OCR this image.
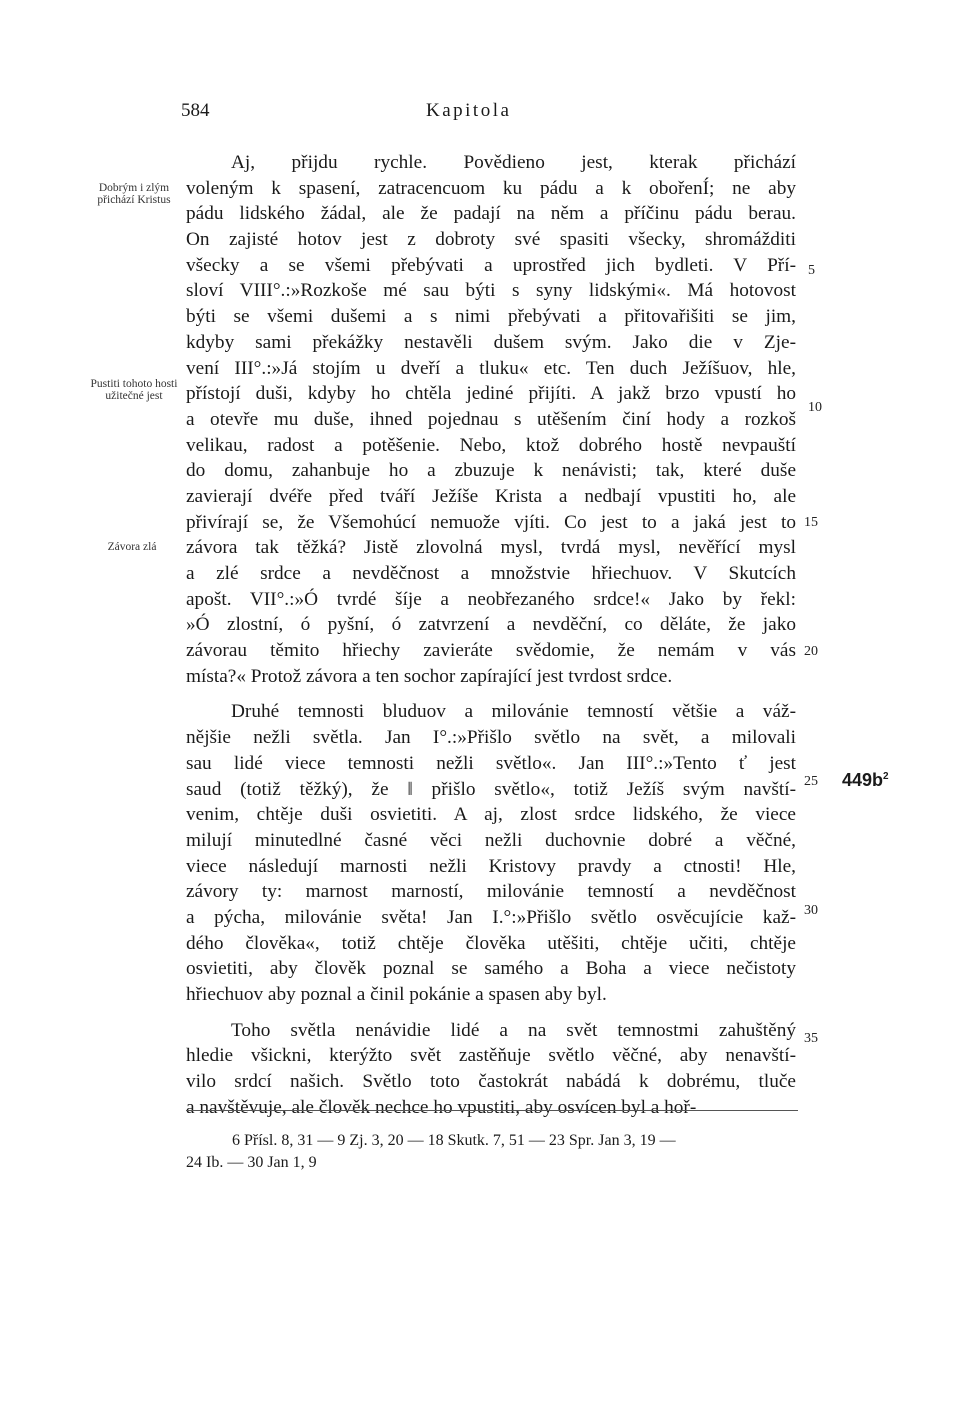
584	Kapitola
Dobrým i zlým přichází Kristus
Pustiti tohoto hosti užitečné jest
Závora zlá
Aj, přijdu rychle. Povědieno jest, kterak přichází
voleným k spasení, zatracencuom ku pádu a k obořenÍ; ne aby
pádu lidského žádal, ale že padají na něm a příčinu pádu berau.
On zajisté hotov jest z dobroty své spasiti všecky, shromážditi
všecky a se všemi přebývati a uprostřed jich bydleti. V Pří-
sloví VIII°.:»Rozkoše mé sau býti s syny lidskými«. Má hotovost
býti se všemi dušemi a s nimi přebývati a přitovařišiti se jim,
kdyby sami překážky nestavěli dušem svým. Jako die v Zje-
vení III°.:»Já stojím u dveří a tluku« etc. Ten duch Ježíšuov, hle,
přístojí duši, kdyby ho chtěla jediné přijíti. A jakž brzo vpustí ho
a otevře mu duše, ihned pojednau s utěšením činí hody a rozkoš
velikau, radost a potěšenie. Nebo, ktož dobrého hostě nevpauští
do domu, zahanbuje ho a zbuzuje k nenávisti; tak, které duše
zavierají dvéře před tváří Ježíše Krista a nedbají vpustiti ho, ale
přivírají se, že Všemohúcí nemuože vjíti. Co jest to a jaká jest to
závora tak těžká? Jistě zlovolná mysl, tvrdá mysl, nevěřící mysl
a zlé srdce a nevděčnost a množstvie hřiechuov. V Skutcích
apošt. VII°.:»Ó tvrdé šíje a neobřezaného srdce!« Jako by řekl:
»Ó zlostní, ó pyšní, ó zatvrzení a nevděční, co děláte, že jako
závorau těmito hřiechy zavieráte svědomie, že nemám v vás
místa?« Protož závora a ten sochor zapírající jest tvrdost srdce.
Druhé temnosti bluduov a milovánie temností většie a váž-
nějšie nežli světla. Jan I°.:»Přišlo světlo na svět, a milovali
sau lidé viece temnosti nežli světlo«. Jan III°.:»Tento ť jest
saud (totiž těžký), že ‖ přišlo světlo«, totiž Ježíš svým navští-
venim, chtěje duši osvietiti. A aj, zlost srdce lidského, že viece
milují minutedlné časné věci nežli duchovnie dobré a věčné,
viece následují marnosti nežli Kristovy pravdy a ctnosti! Hle,
závory ty: marnost marností, milovánie temností a nevděčnost
a pýcha, milovánie světa! Jan I.°:»Přišlo světlo osvěcujície kaž-
dého člověka«, totiž chtěje člověka utěšiti, chtěje učiti, chtěje
osvietiti, aby člověk poznal se samého a Boha a viece nečistoty
hřiechuov aby poznal a činil pokánie a spasen aby byl.
Toho světla nenávidie lidé a na svět temnostmi zahuštěný
hledie všickni, kterýžto svět zastěňuje světlo věčné, aby nenavští-
vilo srdcí našich. Světlo toto častokrát nabádá k dobrému, tluče
a navštěvuje, ale člověk nechce ho vpustiti, aby osvícen byl a hoř-
5
10
15
20
25
30
35
$449b^2$
6 Přísl. 8, 31 — 9 Zj. 3, 20 — 18 Skutk. 7, 51 — 23 Spr. Jan 3, 19 —
24 Ib. — 30 Jan 1, 9
